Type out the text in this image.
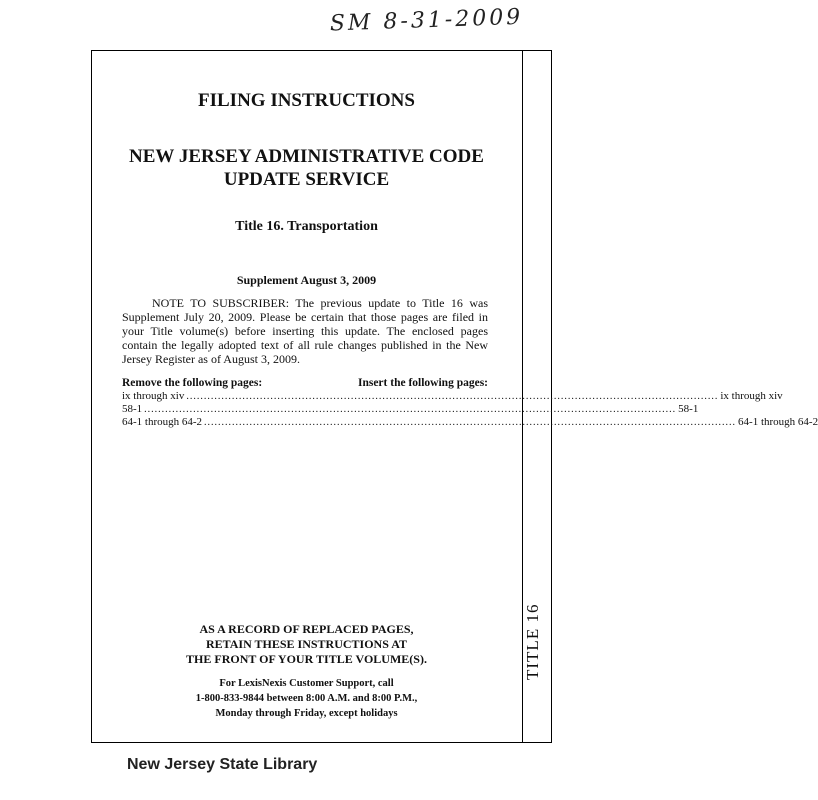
SM 8-31-2009
TITLE 16
FILING INSTRUCTIONS
NEW JERSEY ADMINISTRATIVE CODE
UPDATE SERVICE
Title 16. Transportation
Supplement August 3, 2009
NOTE TO SUBSCRIBER: The previous update to Title 16 was Supplement July 20, 2009. Please be certain that those pages are filed in your Title volume(s) before inserting this update. The enclosed pages contain the legally adopted text of all rule changes published in the New Jersey Register as of August 3, 2009.
Remove the following pages:	Insert the following pages:
ix through xiv ........................................................................................................................................................ ix through xiv
58-1 ........................................................................................................................................................ 58-1
64-1 through 64-2 ........................................................................................................................................................ 64-1 through 64-2
AS A RECORD OF REPLACED PAGES,
RETAIN THESE INSTRUCTIONS AT
THE FRONT OF YOUR TITLE VOLUME(S).
For LexisNexis Customer Support, call
1-800-833-9844 between 8:00 A.M. and 8:00 P.M.,
Monday through Friday, except holidays
New Jersey State Library
